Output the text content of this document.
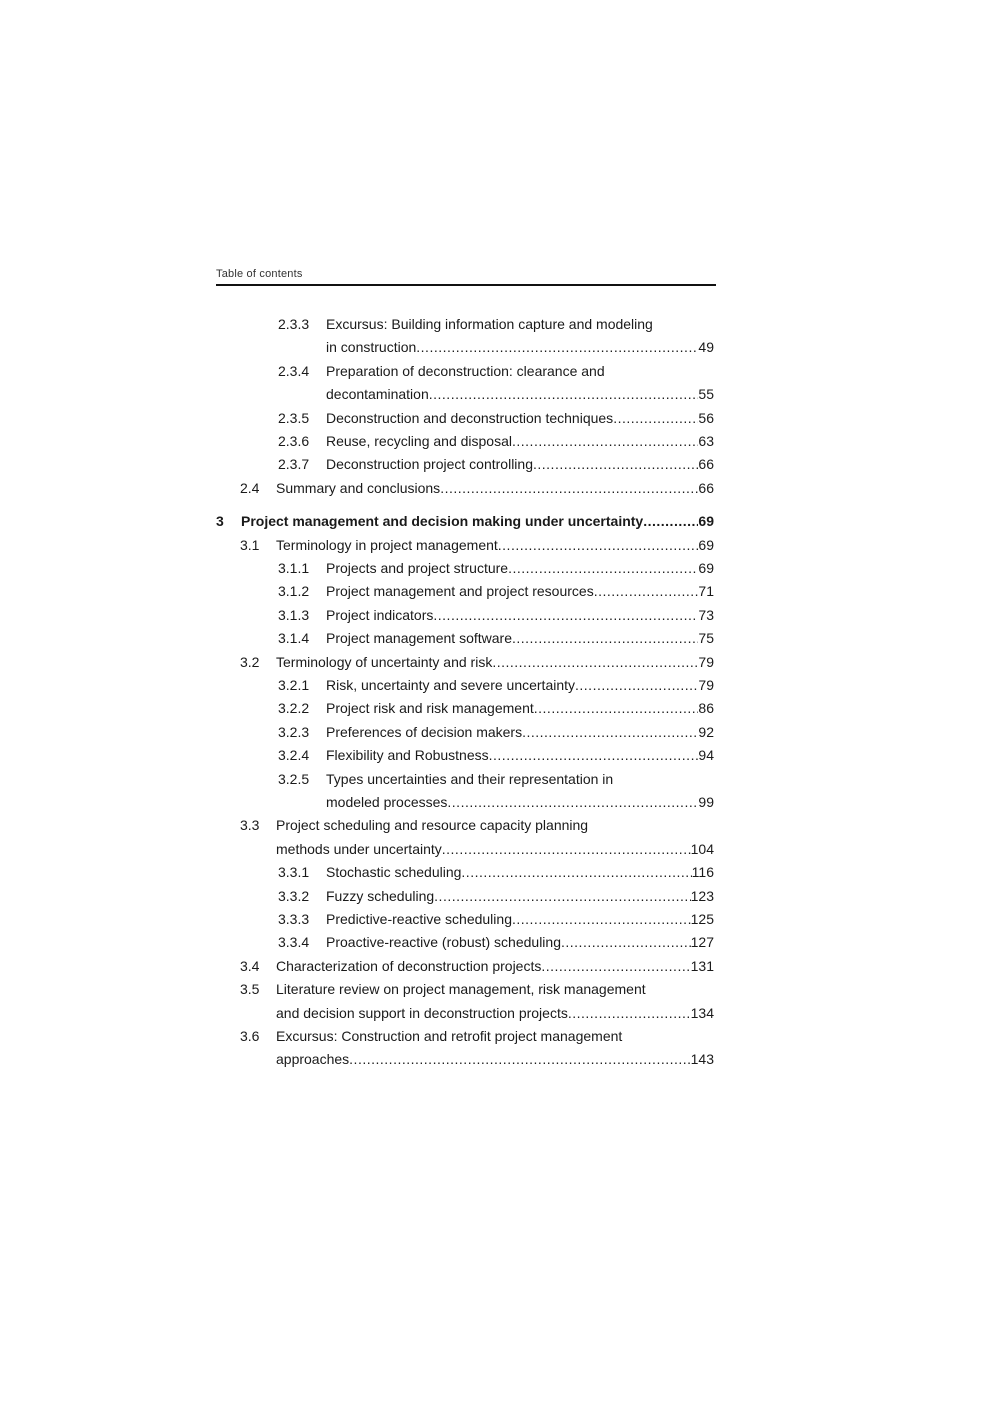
Table of contents
2.3.3 Excursus: Building information capture and modeling
in construction .....	49
2.3.4 Preparation of deconstruction: clearance and
decontamination .....	55
2.3.5 Deconstruction and deconstruction techniques .....	56
2.3.6 Reuse, recycling and disposal .....	63
2.3.7 Deconstruction project controlling .....	66
2.4 Summary and conclusions .....	66
3 Project management and decision making under uncertainty .....	69
3.1 Terminology in project management .....	69
3.1.1 Projects and project structure .....	69
3.1.2 Project management and project resources .....	71
3.1.3 Project indicators .....	73
3.1.4 Project management software .....	75
3.2 Terminology of uncertainty and risk .....	79
3.2.1 Risk, uncertainty and severe uncertainty .....	79
3.2.2 Project risk and risk management .....	86
3.2.3 Preferences of decision makers .....	92
3.2.4 Flexibility and Robustness .....	94
3.2.5 Types uncertainties and their representation in
modeled processes .....	99
3.3 Project scheduling and resource capacity planning
methods under uncertainty .....	104
3.3.1 Stochastic scheduling .....	116
3.3.2 Fuzzy scheduling .....	123
3.3.3 Predictive-reactive scheduling .....	125
3.3.4 Proactive-reactive (robust) scheduling .....	127
3.4 Characterization of deconstruction projects .....	131
3.5 Literature review on project management, risk management
and decision support in deconstruction projects .....	134
3.6 Excursus: Construction and retrofit project management
approaches .....	143
